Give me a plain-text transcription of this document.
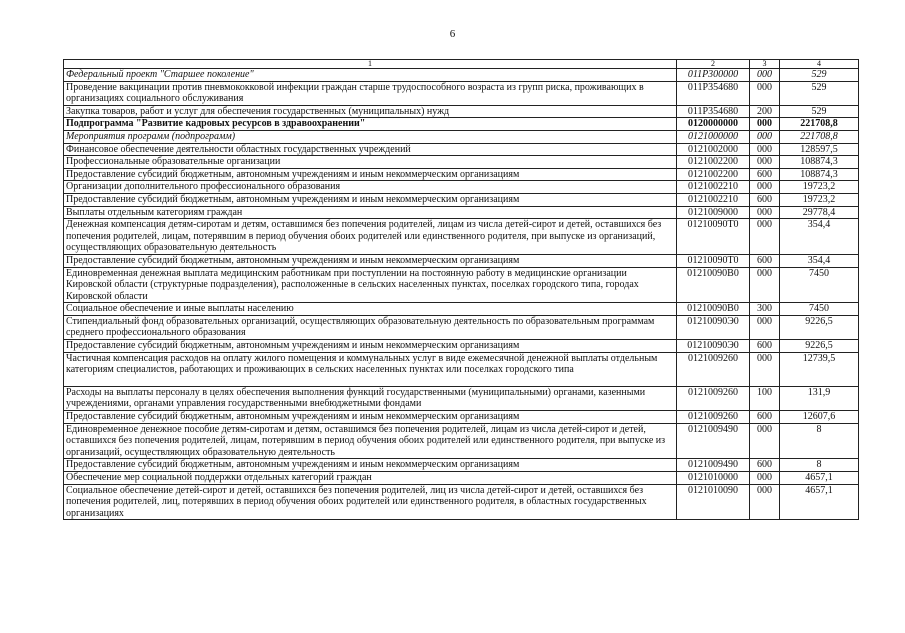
6
1	2	3	4
Федеральный проект "Старшее поколение"	011P300000	000	529
Проведение вакцинации против пневмококковой инфекции граждан старше трудоспособного возраста из групп риска, проживающих в организациях социального обслуживания	011P354680	000	529
Закупка товаров, работ и услуг для обеспечения государственных (муниципальных) нужд	011P354680	200	529
Подпрограмма "Развитие кадровых ресурсов в здравоохранении"	0120000000	000	221708,8
Мероприятия программ (подпрограмм)	0121000000	000	221708,8
Финансовое обеспечение деятельности областных государственных учреждений	0121002000	000	128597,5
Профессиональные образовательные организации	0121002200	000	108874,3
Предоставление субсидий бюджетным, автономным учреждениям и иным некоммерческим организациям	0121002200	600	108874,3
Организации дополнительного профессионального образования	0121002210	000	19723,2
Предоставление субсидий бюджетным, автономным учреждениям и иным некоммерческим организациям	0121002210	600	19723,2
Выплаты отдельным категориям граждан	0121009000	000	29778,4
Денежная компенсация детям-сиротам и детям, оставшимся без попечения родителей, лицам из числа детей-сирот и детей, оставшихся без попечения родителей, лицам, потерявшим в период обучения обоих родителей или единственного родителя, при выпуске из организаций, осуществляющих образовательную деятельность	01210090Т0	000	354,4
Предоставление субсидий бюджетным, автономным учреждениям и иным некоммерческим организациям	01210090Т0	600	354,4
Единовременная денежная выплата медицинским работникам при поступлении на постоянную работу в медицинские организации Кировской области (структурные подразделения), расположенные в сельских населенных пунктах, поселках городского типа, городах Кировской области	01210090В0	000	7450
Социальное обеспечение и иные выплаты населению	01210090В0	300	7450
Стипендиальный фонд образовательных организаций, осуществляющих образовательную деятельность по образовательным программам среднего профессионального образования	01210090Э0	000	9226,5
Предоставление субсидий бюджетным, автономным учреждениям и иным некоммерческим организациям	01210090Э0	600	9226,5
Частичная компенсация расходов на оплату жилого помещения и коммунальных услуг в виде ежемесячной денежной выплаты отдельным категориям специалистов, работающих и проживающих в сельских населенных пунктах или поселках городского типа	0121009260	000	12739,5
Расходы на выплаты персоналу в целях обеспечения выполнения функций государственными (муниципальными) органами, казенными учреждениями, органами управления государственными внебюджетными фондами	0121009260	100	131,9
Предоставление субсидий бюджетным, автономным учреждениям и иным некоммерческим организациям	0121009260	600	12607,6
Единовременное денежное пособие детям-сиротам и детям, оставшимся без попечения родителей, лицам из числа детей-сирот и детей, оставшихся без попечения родителей, лицам, потерявшим в период обучения обоих родителей или единственного родителя, при выпуске из организаций, осуществляющих образовательную деятельность	0121009490	000	8
Предоставление субсидий бюджетным, автономным учреждениям и иным некоммерческим организациям	0121009490	600	8
Обеспечение мер социальной поддержки отдельных категорий граждан	0121010000	000	4657,1
Социальное обеспечение детей-сирот и детей, оставшихся без попечения родителей, лиц из числа детей-сирот и детей, оставшихся без попечения родителей, лиц, потерявших в период обучения обоих родителей или единственного родителя, в областных государственных организациях	0121010090	000	4657,1
